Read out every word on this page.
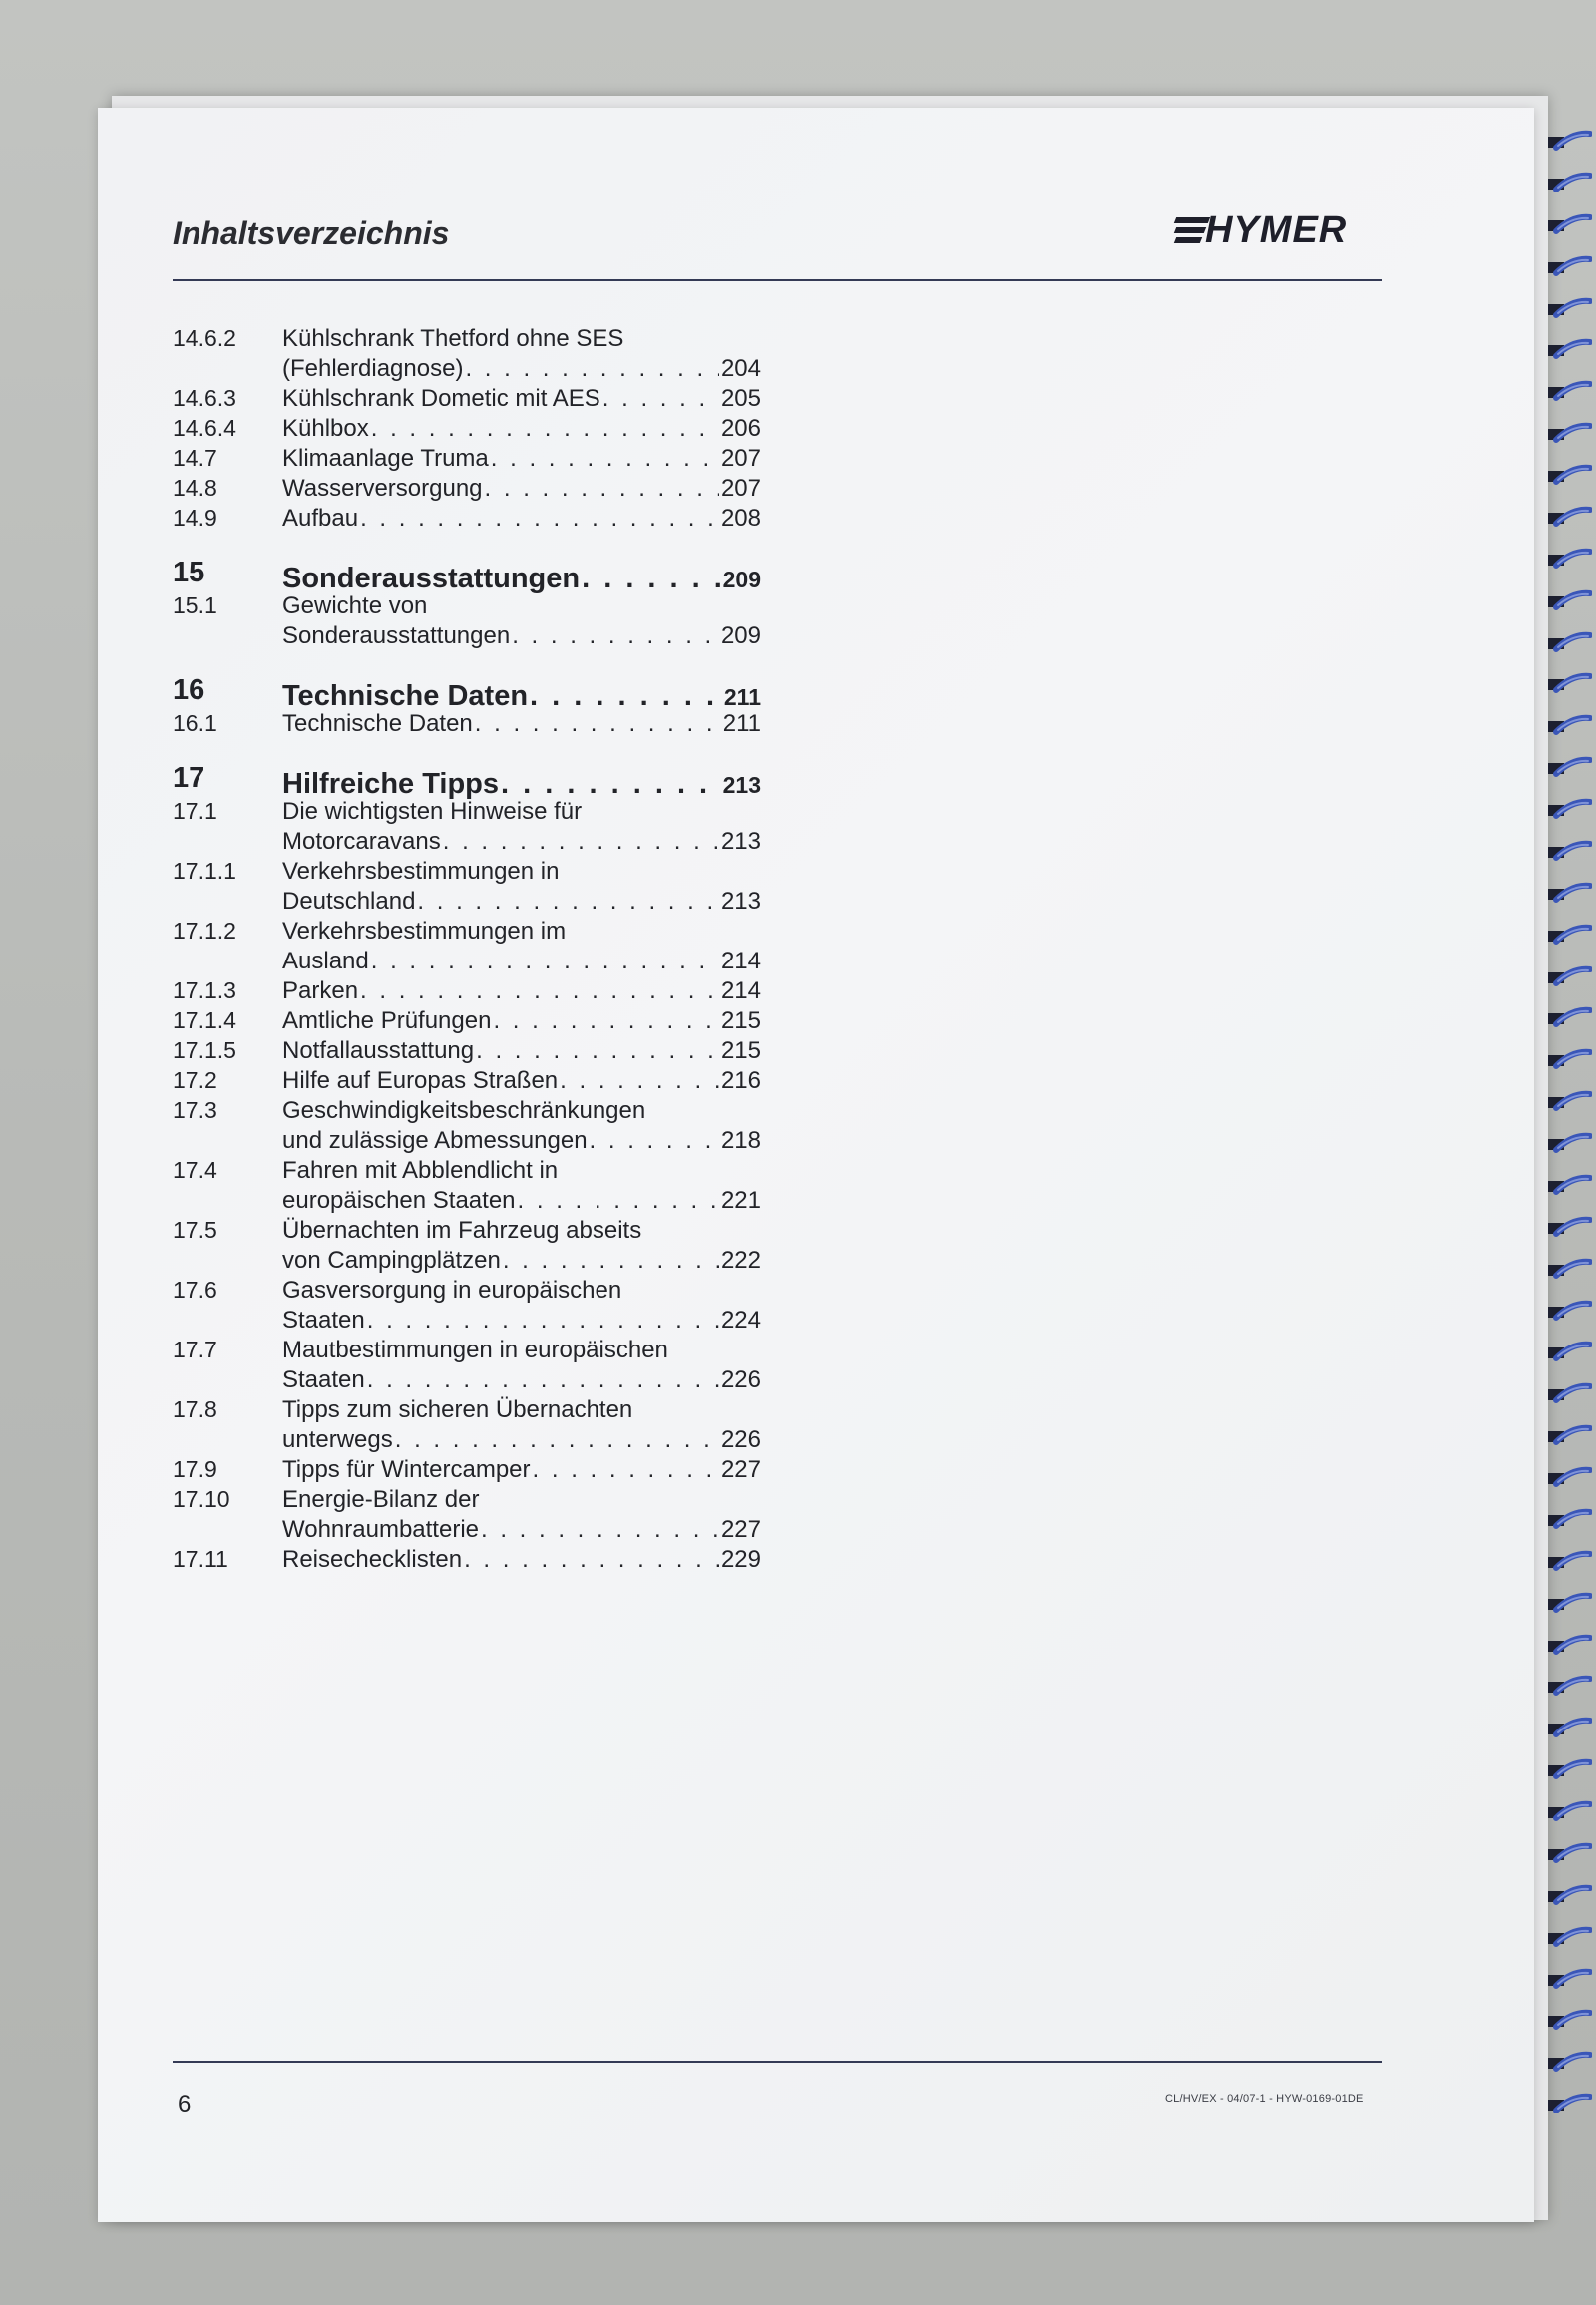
Inhaltsverzeichnis	HYMER
14.6.2 Kühlschrank Thetford ohne SES
(Fehlerdiagnose) . . .	204
14.6.3 Kühlschrank Dometic mit AES . . .	205
14.6.4 Kühlbox . . .	206
14.7	Klimaanlage Truma . . .	207
14.8	Wasserversorgung . . .	207
14.9	Aufbau . . .	208
15	Sonderausstattungen . . .	209
15.1	Gewichte von
Sonderausstattungen . . .	209
16	Technische Daten . . .	211
16.1	Technische Daten . . .	211
17	Hilfreiche Tipps . . .	213
17.1	Die wichtigsten Hinweise für
Motorcaravans . . .	213
17.1.1 Verkehrsbestimmungen in
Deutschland . . .	213
17.1.2 Verkehrsbestimmungen im
Ausland . . .	214
17.1.3 Parken . . .	214
17.1.4 Amtliche Prüfungen . . .	215
17.1.5 Notfallausstattung . . .	215
17.2	Hilfe auf Europas Straßen . . .	216
17.3	Geschwindigkeitsbeschränkungen
und zulässige Abmessungen . . .	218
17.4	Fahren mit Abblendlicht in
europäischen Staaten . . .	221
17.5	Übernachten im Fahrzeug abseits
von Campingplätzen . . .	222
17.6	Gasversorgung in europäischen
Staaten . . .	224
17.7	Mautbestimmungen in europäischen
Staaten . . .	226
17.8	Tipps zum sicheren Übernachten
unterwegs . . .	226
17.9	Tipps für Wintercamper . . .	227
17.10 Energie-Bilanz der
Wohnraumbatterie . . .	227
17.11 Reisechecklisten . . .	229
6	CL/HV/EX - 04/07-1 - HYW-0169-01DE
